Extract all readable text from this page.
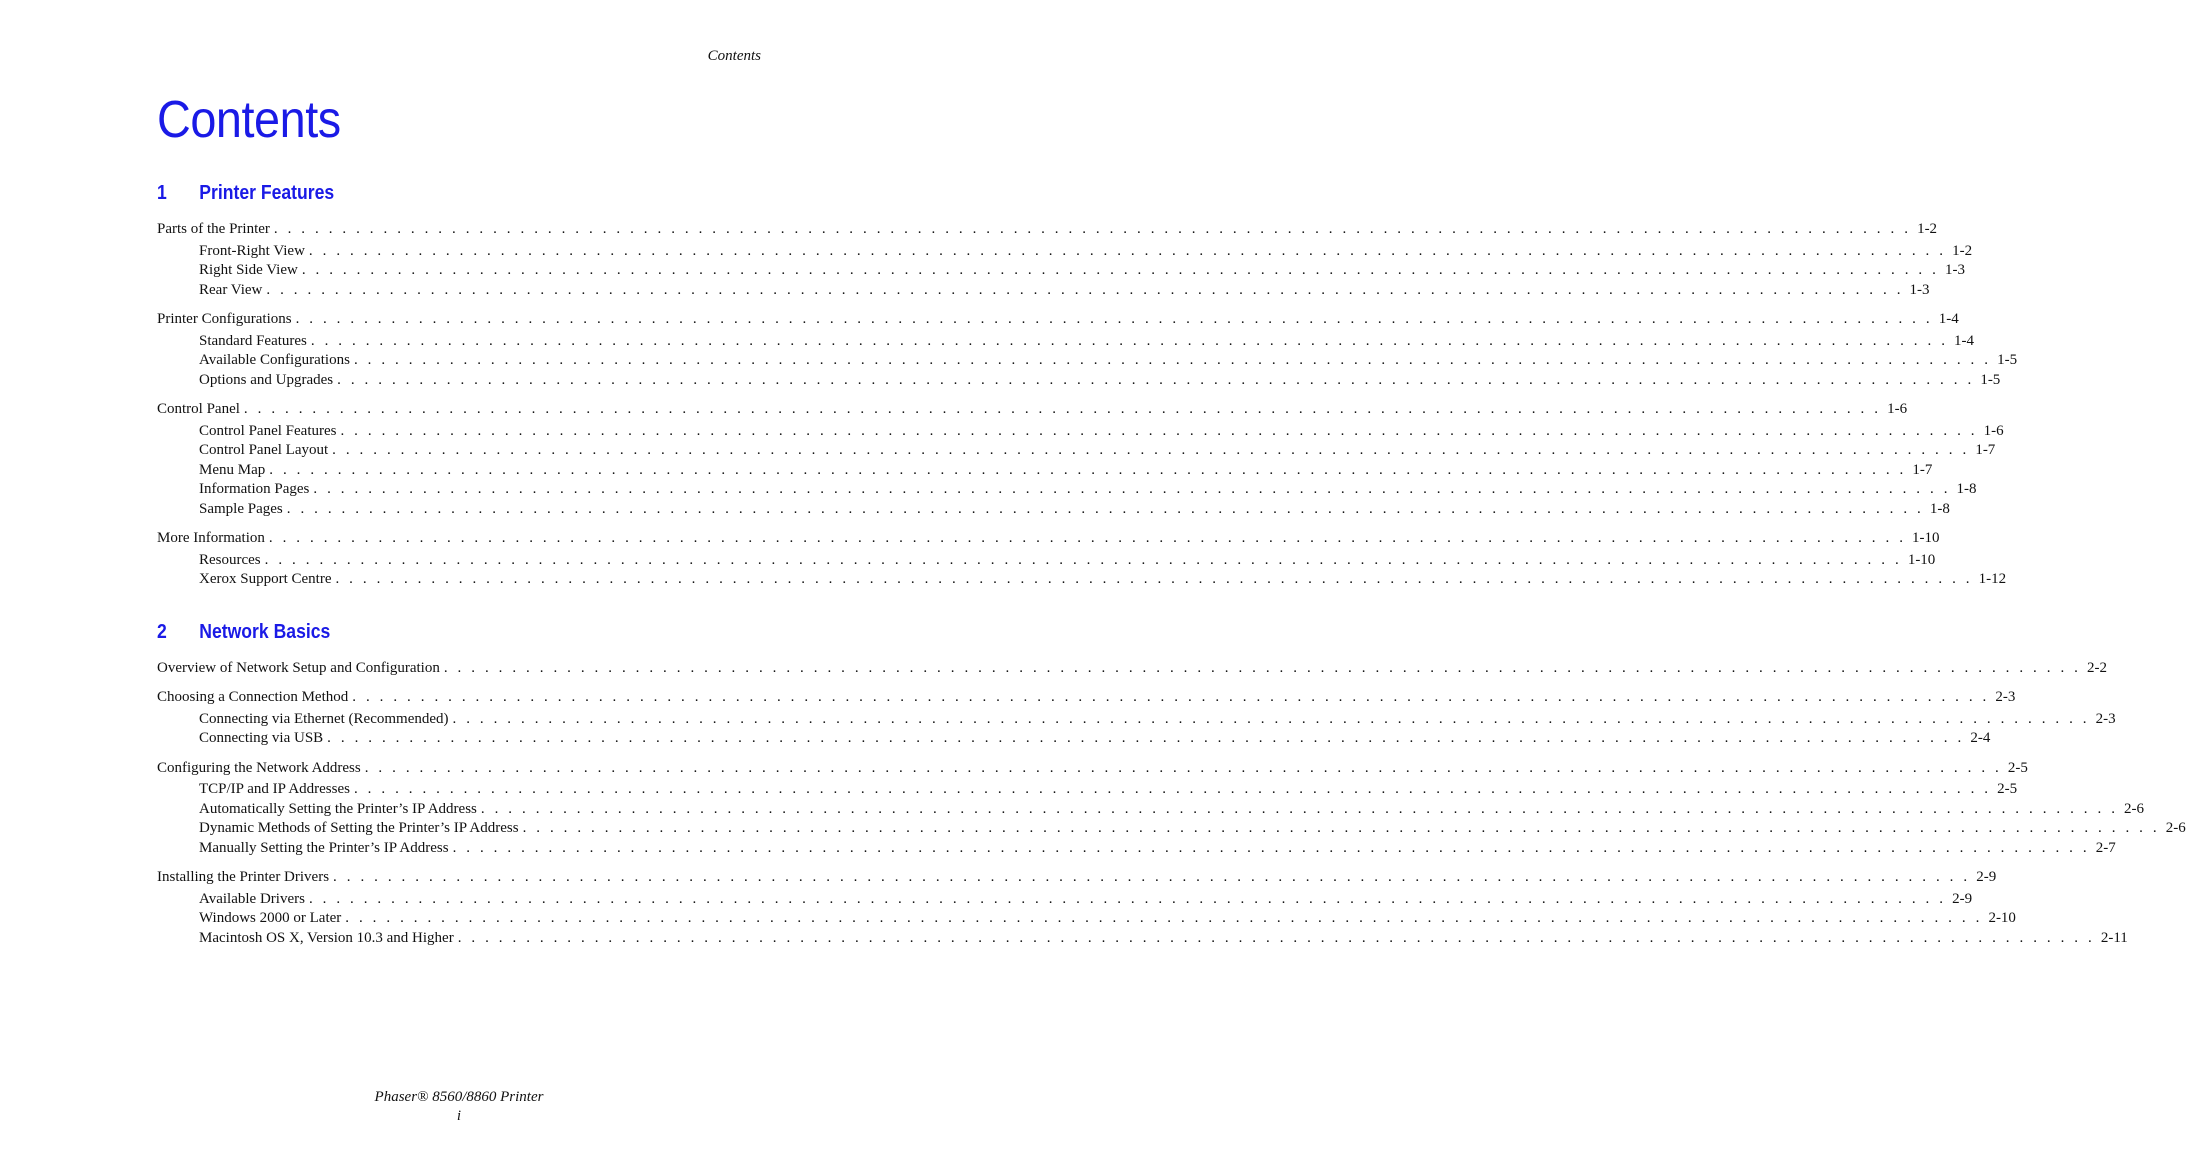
Contents
Contents
1 Printer Features
Parts of the Printer . . . . . . . . . . . . . . . . . . . . . . . . . . . . . . . . . . . . . . . . . . . . . . . . . . . . . . . . . . . . . . . . . . . . . . . . . . . . . . . . . . . . . . . . . . . . . . . . . . . . . . . . . . . . . . . . . . . . . . . . 1-2
Front-Right View . . . . . . . . . . . . . . . . . . . . . . . . . . . . . . . . . . . . . . . . . . . . . . . . . . . . . . . . . . . . . . . . . . . . . . . . . . . . . . . . . . . . . . . . . . . . . . . . . . . . . . . . . . . . . . . . . . . . . . . . 1-2
Right Side View . . . . . . . . . . . . . . . . . . . . . . . . . . . . . . . . . . . . . . . . . . . . . . . . . . . . . . . . . . . . . . . . . . . . . . . . . . . . . . . . . . . . . . . . . . . . . . . . . . . . . . . . . . . . . . . . . . . . . . . . 1-3
Rear View . . . . . . . . . . . . . . . . . . . . . . . . . . . . . . . . . . . . . . . . . . . . . . . . . . . . . . . . . . . . . . . . . . . . . . . . . . . . . . . . . . . . . . . . . . . . . . . . . . . . . . . . . . . . . . . . . . . . . . . . 1-3
Printer Configurations . . . . . . . . . . . . . . . . . . . . . . . . . . . . . . . . . . . . . . . . . . . . . . . . . . . . . . . . . . . . . . . . . . . . . . . . . . . . . . . . . . . . . . . . . . . . . . . . . . . . . . . . . . . . . . . . . . . . . . . . 1-4
Standard Features . . . . . . . . . . . . . . . . . . . . . . . . . . . . . . . . . . . . . . . . . . . . . . . . . . . . . . . . . . . . . . . . . . . . . . . . . . . . . . . . . . . . . . . . . . . . . . . . . . . . . . . . . . . . . . . . . . . . . . . . 1-4
Available Configurations . . . . . . . . . . . . . . . . . . . . . . . . . . . . . . . . . . . . . . . . . . . . . . . . . . . . . . . . . . . . . . . . . . . . . . . . . . . . . . . . . . . . . . . . . . . . . . . . . . . . . . . . . . . . . . . . . . . . . . . . 1-5
Options and Upgrades . . . . . . . . . . . . . . . . . . . . . . . . . . . . . . . . . . . . . . . . . . . . . . . . . . . . . . . . . . . . . . . . . . . . . . . . . . . . . . . . . . . . . . . . . . . . . . . . . . . . . . . . . . . . . . . . . . . . . . . . 1-5
Control Panel . . . . . . . . . . . . . . . . . . . . . . . . . . . . . . . . . . . . . . . . . . . . . . . . . . . . . . . . . . . . . . . . . . . . . . . . . . . . . . . . . . . . . . . . . . . . . . . . . . . . . . . . . . . . . . . . . . . . . . . . 1-6
Control Panel Features . . . . . . . . . . . . . . . . . . . . . . . . . . . . . . . . . . . . . . . . . . . . . . . . . . . . . . . . . . . . . . . . . . . . . . . . . . . . . . . . . . . . . . . . . . . . . . . . . . . . . . . . . . . . . . . . . . . . . . . . 1-6
Control Panel Layout . . . . . . . . . . . . . . . . . . . . . . . . . . . . . . . . . . . . . . . . . . . . . . . . . . . . . . . . . . . . . . . . . . . . . . . . . . . . . . . . . . . . . . . . . . . . . . . . . . . . . . . . . . . . . . . . . . . . . . . . 1-7
Menu Map . . . . . . . . . . . . . . . . . . . . . . . . . . . . . . . . . . . . . . . . . . . . . . . . . . . . . . . . . . . . . . . . . . . . . . . . . . . . . . . . . . . . . . . . . . . . . . . . . . . . . . . . . . . . . . . . . . . . . . . . 1-7
Information Pages . . . . . . . . . . . . . . . . . . . . . . . . . . . . . . . . . . . . . . . . . . . . . . . . . . . . . . . . . . . . . . . . . . . . . . . . . . . . . . . . . . . . . . . . . . . . . . . . . . . . . . . . . . . . . . . . . . . . . . . . 1-8
Sample Pages . . . . . . . . . . . . . . . . . . . . . . . . . . . . . . . . . . . . . . . . . . . . . . . . . . . . . . . . . . . . . . . . . . . . . . . . . . . . . . . . . . . . . . . . . . . . . . . . . . . . . . . . . . . . . . . . . . . . . . . . 1-8
More Information . . . . . . . . . . . . . . . . . . . . . . . . . . . . . . . . . . . . . . . . . . . . . . . . . . . . . . . . . . . . . . . . . . . . . . . . . . . . . . . . . . . . . . . . . . . . . . . . . . . . . . . . . . . . . . . . . . . . . . . . 1-10
Resources . . . . . . . . . . . . . . . . . . . . . . . . . . . . . . . . . . . . . . . . . . . . . . . . . . . . . . . . . . . . . . . . . . . . . . . . . . . . . . . . . . . . . . . . . . . . . . . . . . . . . . . . . . . . . . . . . . . . . . . . 1-10
Xerox Support Centre . . . . . . . . . . . . . . . . . . . . . . . . . . . . . . . . . . . . . . . . . . . . . . . . . . . . . . . . . . . . . . . . . . . . . . . . . . . . . . . . . . . . . . . . . . . . . . . . . . . . . . . . . . . . . . . . . . . . . . . . 1-12
2 Network Basics
Overview of Network Setup and Configuration . . . . . . . . . . . . . . . . . . . . . . . . . . . . . . . . . . . . . . . . . . . . . . . . . . . . . . . . . . . . . . . . . . . . . . . . . . . . . . . . . . . . . . . . . . . . . . . . . . . . . . . . . . . . . . . . . . . . . . . . 2-2
Choosing a Connection Method . . . . . . . . . . . . . . . . . . . . . . . . . . . . . . . . . . . . . . . . . . . . . . . . . . . . . . . . . . . . . . . . . . . . . . . . . . . . . . . . . . . . . . . . . . . . . . . . . . . . . . . . . . . . . . . . . . . . . . . . 2-3
Connecting via Ethernet (Recommended) . . . . . . . . . . . . . . . . . . . . . . . . . . . . . . . . . . . . . . . . . . . . . . . . . . . . . . . . . . . . . . . . . . . . . . . . . . . . . . . . . . . . . . . . . . . . . . . . . . . . . . . . . . . . . . . . . . . . . . . . 2-3
Connecting via USB . . . . . . . . . . . . . . . . . . . . . . . . . . . . . . . . . . . . . . . . . . . . . . . . . . . . . . . . . . . . . . . . . . . . . . . . . . . . . . . . . . . . . . . . . . . . . . . . . . . . . . . . . . . . . . . . . . . . . . . . 2-4
Configuring the Network Address . . . . . . . . . . . . . . . . . . . . . . . . . . . . . . . . . . . . . . . . . . . . . . . . . . . . . . . . . . . . . . . . . . . . . . . . . . . . . . . . . . . . . . . . . . . . . . . . . . . . . . . . . . . . . . . . . . . . . . . . 2-5
TCP/IP and IP Addresses . . . . . . . . . . . . . . . . . . . . . . . . . . . . . . . . . . . . . . . . . . . . . . . . . . . . . . . . . . . . . . . . . . . . . . . . . . . . . . . . . . . . . . . . . . . . . . . . . . . . . . . . . . . . . . . . . . . . . . . . 2-5
Automatically Setting the Printer’s IP Address . . . . . . . . . . . . . . . . . . . . . . . . . . . . . . . . . . . . . . . . . . . . . . . . . . . . . . . . . . . . . . . . . . . . . . . . . . . . . . . . . . . . . . . . . . . . . . . . . . . . . . . . . . . . . . . . . . . . . . . . 2-6
Dynamic Methods of Setting the Printer’s IP Address . . . . . . . . . . . . . . . . . . . . . . . . . . . . . . . . . . . . . . . . . . . . . . . . . . . . . . . . . . . . . . . . . . . . . . . . . . . . . . . . . . . . . . . . . . . . . . . . . . . . . . . . . . . . . . . . . . . . . . . . 2-6
Manually Setting the Printer’s IP Address . . . . . . . . . . . . . . . . . . . . . . . . . . . . . . . . . . . . . . . . . . . . . . . . . . . . . . . . . . . . . . . . . . . . . . . . . . . . . . . . . . . . . . . . . . . . . . . . . . . . . . . . . . . . . . . . . . . . . . . . 2-7
Installing the Printer Drivers . . . . . . . . . . . . . . . . . . . . . . . . . . . . . . . . . . . . . . . . . . . . . . . . . . . . . . . . . . . . . . . . . . . . . . . . . . . . . . . . . . . . . . . . . . . . . . . . . . . . . . . . . . . . . . . . . . . . . . . . 2-9
Available Drivers . . . . . . . . . . . . . . . . . . . . . . . . . . . . . . . . . . . . . . . . . . . . . . . . . . . . . . . . . . . . . . . . . . . . . . . . . . . . . . . . . . . . . . . . . . . . . . . . . . . . . . . . . . . . . . . . . . . . . . . . 2-9
Windows 2000 or Later . . . . . . . . . . . . . . . . . . . . . . . . . . . . . . . . . . . . . . . . . . . . . . . . . . . . . . . . . . . . . . . . . . . . . . . . . . . . . . . . . . . . . . . . . . . . . . . . . . . . . . . . . . . . . . . . . . . . . . . . 2-10
Macintosh OS X, Version 10.3 and Higher . . . . . . . . . . . . . . . . . . . . . . . . . . . . . . . . . . . . . . . . . . . . . . . . . . . . . . . . . . . . . . . . . . . . . . . . . . . . . . . . . . . . . . . . . . . . . . . . . . . . . . . . . . . . . . . . . . . . . . . . 2-11
Phaser® 8560/8860 Printer
i
